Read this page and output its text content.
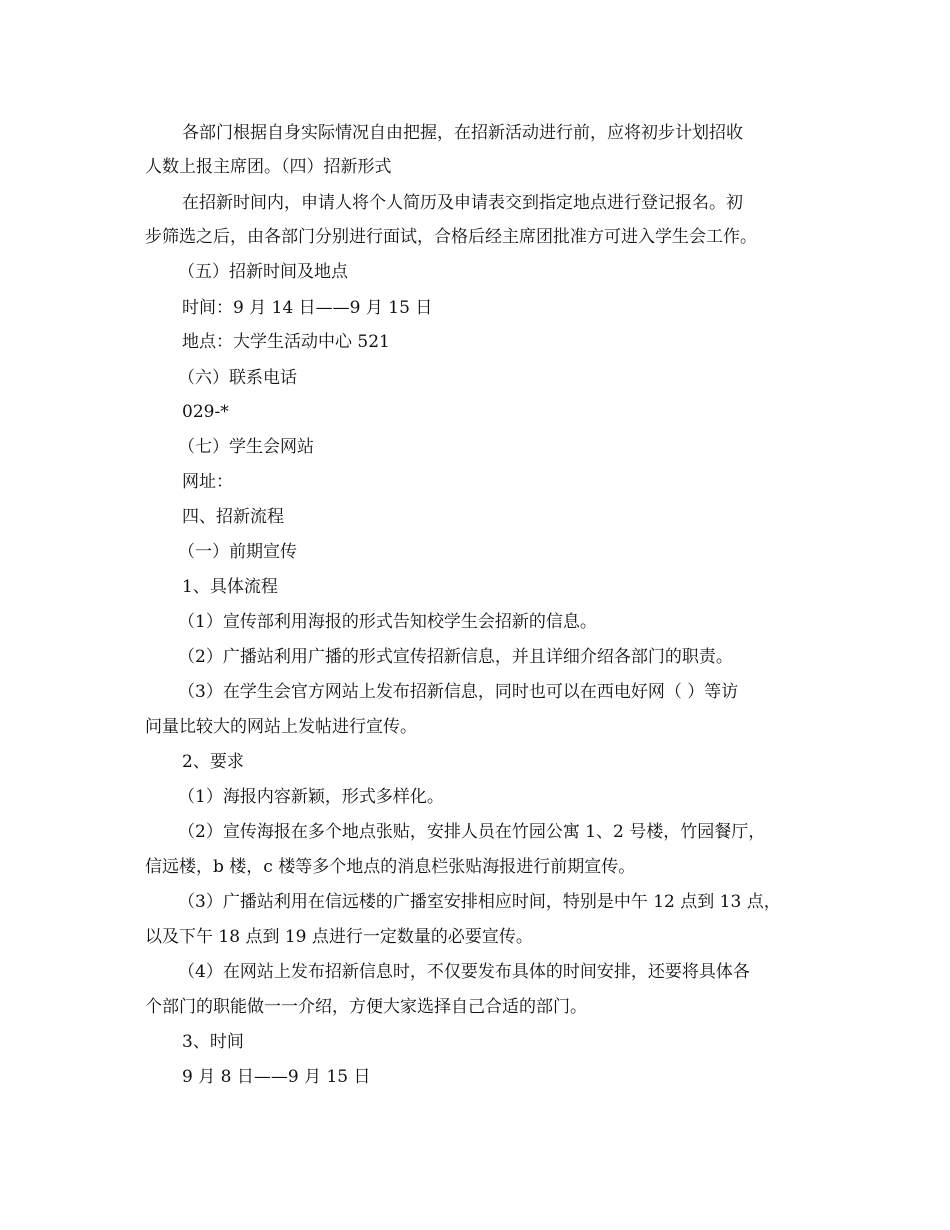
各部门根据自身实际情况自由把握，在招新活动进行前，应将初步计划招收
人数上报主席团。（四）招新形式
在招新时间内，申请人将个人简历及申请表交到指定地点进行登记报名。初
步筛选之后，由各部门分别进行面试，合格后经主席团批准方可进入学生会工作。
（五）招新时间及地点
时间：9 月 14 日——9 月 15 日
地点：大学生活动中心 521
（六）联系电话
029-*
（七）学生会网站
网址：
四、招新流程
（一）前期宣传
1、具体流程
（1）宣传部利用海报的形式告知校学生会招新的信息。
（2）广播站利用广播的形式宣传招新信息，并且详细介绍各部门的职责。
（3）在学生会官方网站上发布招新信息，同时也可以在西电好网（ ）等访
问量比较大的网站上发帖进行宣传。
2、要求
（1）海报内容新颖，形式多样化。
（2）宣传海报在多个地点张贴，安排人员在竹园公寓 1、2 号楼，竹园餐厅，
信远楼，b 楼，c 楼等多个地点的消息栏张贴海报进行前期宣传。
（3）广播站利用在信远楼的广播室安排相应时间，特别是中午 12 点到 13 点，
以及下午 18 点到 19 点进行一定数量的必要宣传。
（4）在网站上发布招新信息时，不仅要发布具体的时间安排，还要将具体各
个部门的职能做一一介绍，方便大家选择自己合适的部门。
3、时间
9 月 8 日——9 月 15 日
